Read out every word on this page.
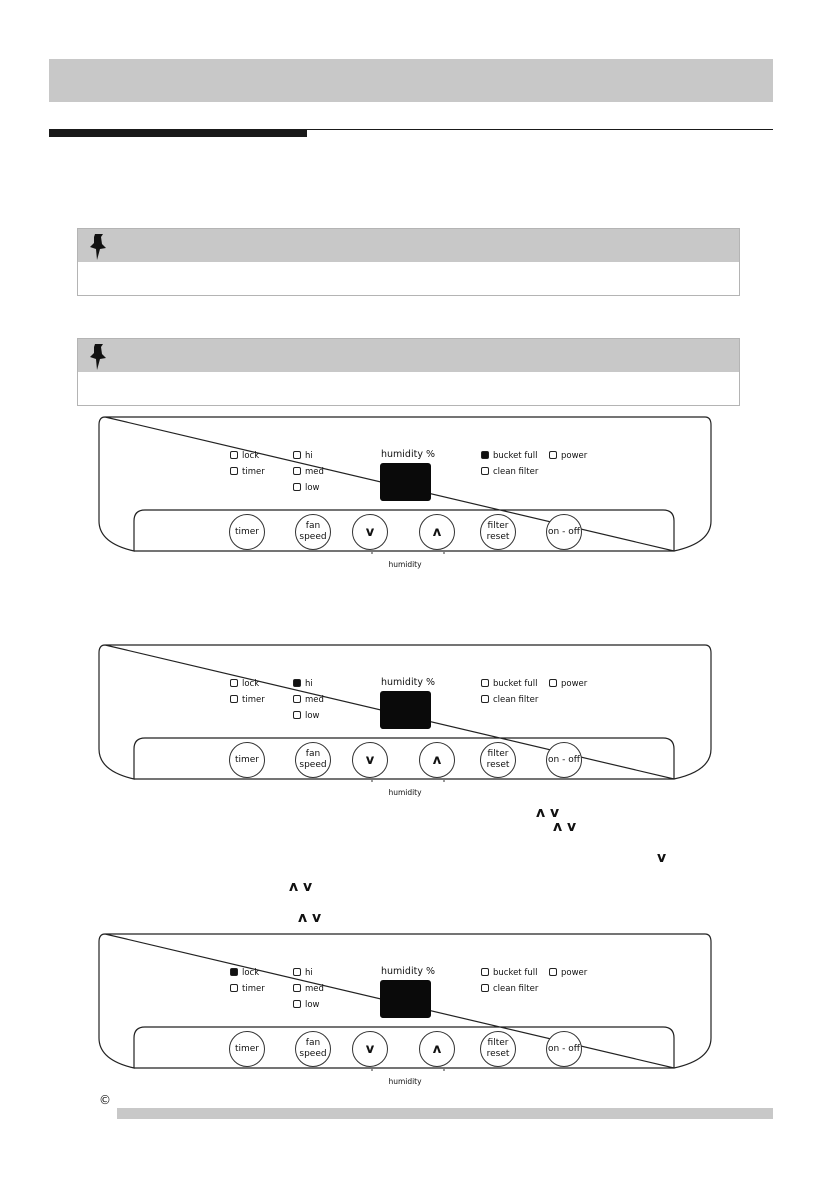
lock
timer
hi
med
low
bucket full
clean filter
power
humidity %
timer
fan
speed	v	ʌ	filter
reset
on - off
humidity
lock
timer
hi
med
low
bucket full
clean filter
power
humidity %
timer
fan
speed	v	ʌ	filter
reset
on - off
humidity
lock
timer
hi
med
low
bucket full
clean filter
power
humidity %
timer
fan
speed	v	ʌ	filter
reset
on - off
humidity
ʌ v
ʌ v
v
ʌ v
ʌ v
©
